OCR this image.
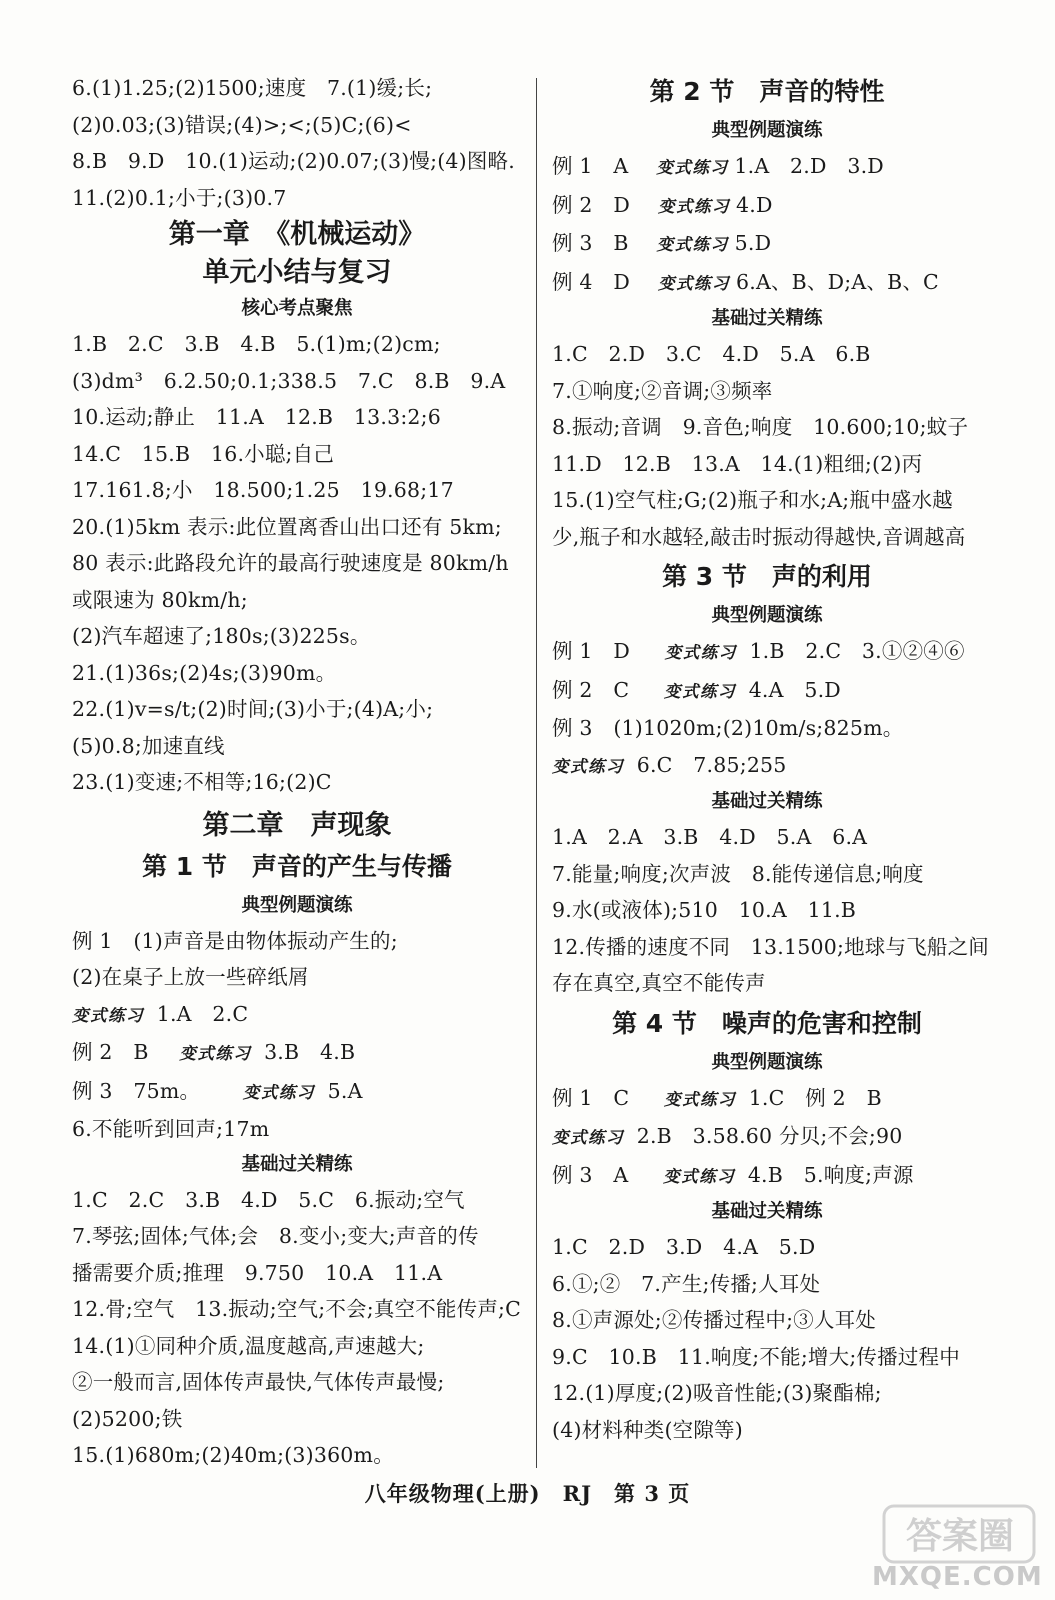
6.(1)1.25;(2)1500;速度　7.(1)缓;长;
(2)0.03;(3)错误;(4)>;<;(5)C;(6)<
8.B　9.D　10.(1)运动;(2)0.07;(3)慢;(4)图略.
11.(2)0.1;小于;(3)0.7
第一章　《机械运动》
单元小结与复习
核心考点聚焦
1.B　2.C　3.B　4.B　5.(1)m;(2)cm;
(3)dm³　6.2.50;0.1;338.5　7.C　8.B　9.A
10.运动;静止　11.A　12.B　13.3:2;6
14.C　15.B　16.小聪;自己
17.161.8;小　18.500;1.25　19.68;17
20.(1)5km 表示:此位置离香山出口还有 5km;
80 表示:此路段允许的最高行驶速度是 80km/h
或限速为 80km/h;
(2)汽车超速了;180s;(3)225s。
21.(1)36s;(2)4s;(3)90m。
22.(1)v=s/t;(2)时间;(3)小于;(4)A;小;
(5)0.8;加速直线
23.(1)变速;不相等;16;(2)C
第二章　声现象
第 1 节　声音的产生与传播
典型例题演练
例 1　(1)声音是由物体振动产生的;
(2)在桌子上放一些碎纸屑
变式练习 1.A　2.C
例 2　B 变式练习 3.B　4.B
例 3　75m。	变式练习 5.A
6.不能听到回声;17m
基础过关精练
1.C　2.C　3.B　4.D　5.C　6.振动;空气
7.琴弦;固体;气体;会　8.变小;变大;声音的传
播需要介质;推理　9.750　10.A　11.A
12.骨;空气　13.振动;空气;不会;真空不能传声;C
14.(1)①同种介质,温度越高,声速越大;
②一般而言,固体传声最快,气体传声最慢;
(2)5200;铁
15.(1)680m;(2)40m;(3)360m。
第 2 节　声音的特性
典型例题演练
例 1　A 变式练习 1.A　2.D　3.D
例 2　D 变式练习 4.D
例 3　B 变式练习 5.D
例 4　D 变式练习 6.A、B、D;A、B、C
基础过关精练
1.C　2.D　3.C　4.D　5.A　6.B
7.①响度;②音调;③频率
8.振动;音调　9.音色;响度　10.600;10;蚊子
11.D　12.B　13.A　14.(1)粗细;(2)丙
15.(1)空气柱;G;(2)瓶子和水;A;瓶中盛水越
少,瓶子和水越轻,敲击时振动得越快,音调越高
第 3 节　声的利用
典型例题演练
例 1　D 变式练习 1.B　2.C　3.①②④⑥
例 2　C 变式练习 4.A　5.D
例 3　(1)1020m;(2)10m/s;825m。
变式练习 6.C　7.85;255
基础过关精练
1.A　2.A　3.B　4.D　5.A　6.A
7.能量;响度;次声波　8.能传递信息;响度
9.水(或液体);510　10.A　11.B
12.传播的速度不同　13.1500;地球与飞船之间
存在真空,真空不能传声
第 4 节　噪声的危害和控制
典型例题演练
例 1　C 变式练习 1.C　例 2　B
变式练习 2.B　3.58.60 分贝;不会;90
例 3　A 变式练习 4.B　5.响度;声源
基础过关精练
1.C　2.D　3.D　4.A　5.D
6.①;②　7.产生;传播;人耳处
8.①声源处;②传播过程中;③人耳处
9.C　10.B　11.响度;不能;增大;传播过程中
12.(1)厚度;(2)吸音性能;(3)聚酯棉;
(4)材料种类(空隙等)
八年级物理(上册)　RJ　第 3 页
答案圈
MXQE.COM
